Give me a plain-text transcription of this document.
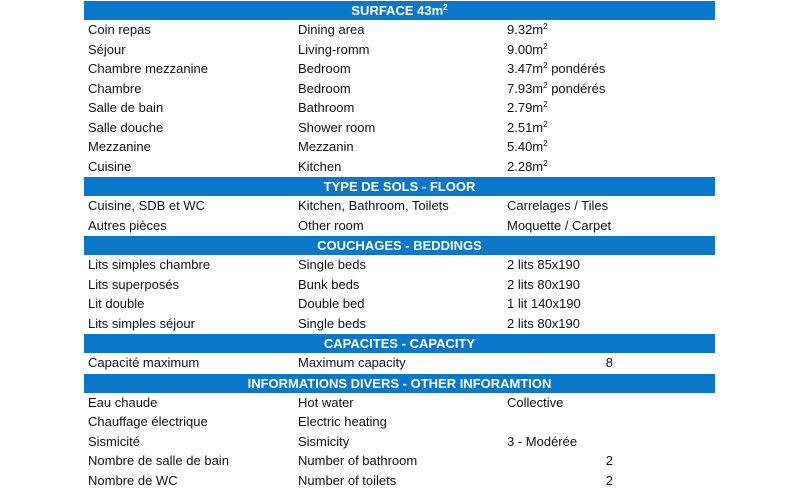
SURFACE $43m^2$
Coin repas	Dining area	$9.32m^2$
Séjour	Living-romm	$9.00m^2$
Chambre mezzanine	Bedroom	$3.47m^2$ pondérés
Chambre	Bedroom	$7.93m^2$ pondérés
Salle de bain	Bathroom	$2.79m^2$
Salle douche	Shower room	$2.51m^2$
Mezzanine	Mezzanin	$5.40m^2$
Cuisine	Kitchen	$2.28m^2$
TYPE DE SOLS - FLOOR
Cuisine, SDB et WC	Kitchen, Bathroom, Toilets	Carrelages / Tiles
Autres pièces	Other room	Moquette / Carpet
COUCHAGES - BEDDINGS
Lits simples chambre	Single beds	2 lits 85x190
Lits superposés	Bunk beds	2 lits 80x190
Lit double	Double bed	1 lit 140x190
Lits simples séjour	Single beds	2 lits 80x190
CAPACITES - CAPACITY
Capacité maximum	Maximum capacity	8
INFORMATIONS DIVERS - OTHER INFORAMTION
Eau chaude	Hot water	Collective
Chauffage électrique	Electric heating
Sismicité	Sismicity	3 - Modérée
Nombre de salle de bain	Number of bathroom	2
Nombre de WC	Number of toilets	2
